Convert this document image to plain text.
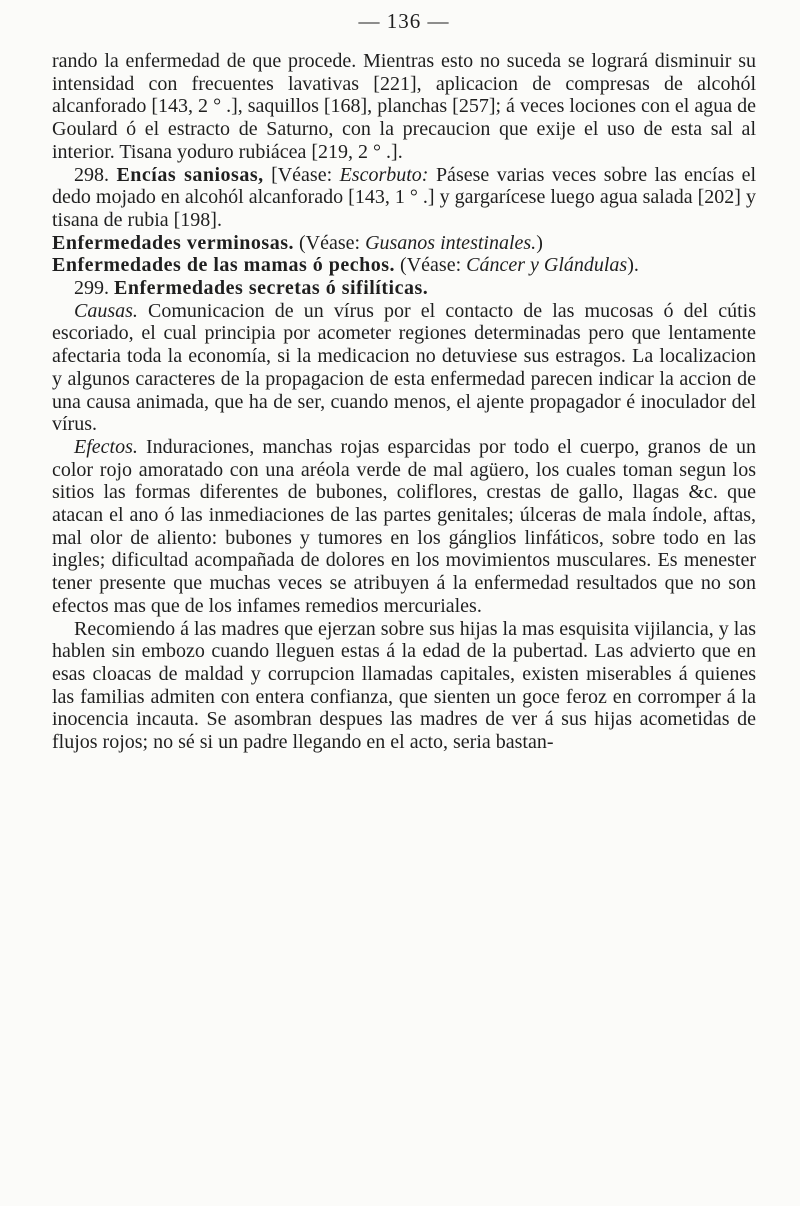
— 136 —

rando la enfermedad de que procede. Mientras esto no suceda se logrará disminuir su intensidad con frecuentes lavativas [221], aplicacion de compresas de alcohól alcanforado [143, 2 ° .], saquillos [168], planchas [257]; á veces lociones con el agua de Goulard ó el estracto de Saturno, con la precaucion que exije el uso de esta sal al interior. Tisana yoduro rubiácea [219, 2 ° .].

298. Encías saniosas, [Véase: Escorbuto: Pásese varias veces sobre las encías el dedo mojado en alcohól alcanforado [143, 1 ° .] y gargarícese luego agua salada [202] y tisana de rubia [198].

Enfermedades verminosas. (Véase: Gusanos intestinales.)

Enfermedades de las mamas ó pechos. (Véase: Cáncer y Glándulas).

299. Enfermedades secretas ó sifilíticas.

Causas. Comunicacion de un vírus por el contacto de las mucosas ó del cútis escoriado, el cual principia por acometer regiones determinadas pero que lentamente afectaria toda la economía, si la medicacion no detuviese sus estragos. La localizacion y algunos caracteres de la propagacion de esta enfermedad parecen indicar la accion de una causa animada, que ha de ser, cuando menos, el ajente propagador é inoculador del vírus.

Efectos. Induraciones, manchas rojas esparcidas por todo el cuerpo, granos de un color rojo amoratado con una aréola verde de mal agüero, los cuales toman segun los sitios las formas diferentes de bubones, coliflores, crestas de gallo, llagas &c. que atacan el ano ó las inmediaciones de las partes genitales; úlceras de mala índole, aftas, mal olor de aliento: bubones y tumores en los gánglios linfáticos, sobre todo en las ingles; dificultad acompañada de dolores en los movimientos musculares. Es menester tener presente que muchas veces se atribuyen á la enfermedad resultados que no son efectos mas que de los infames remedios mercuriales.

Recomiendo á las madres que ejerzan sobre sus hijas la mas esquisita vijilancia, y las hablen sin embozo cuando lleguen estas á la edad de la pubertad. Las advierto que en esas cloacas de maldad y corrupcion llamadas capitales, existen miserables á quienes las familias admiten con entera confianza, que sienten un goce feroz en corromper á la inocencia incauta. Se asombran despues las madres de ver á sus hijas acometidas de flujos rojos; no sé si un padre llegando en el acto, seria bastan-
